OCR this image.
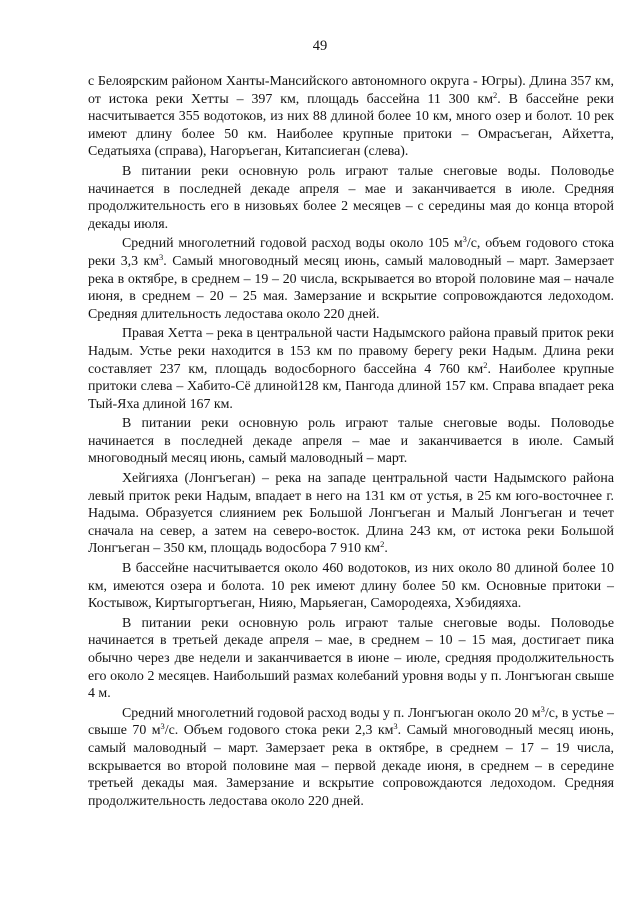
49

с Белоярским районом Ханты-Мансийского автономного округа - Югры). Длина 357 км, от истока реки Хетты – 397 км, площадь бассейна 11 300 $км^2$. В бассейне реки насчитывается 355 водотоков, из них 88 длиной более 10 км, много озер и болот. 10 рек имеют длину более 50 км. Наиболее крупные притоки – Омрасъеган, Айхетта, Седатыяха (справа), Нагоръеган, Китапсиеган (слева).

В питании реки основную роль играют талые снеговые воды. Половодье начинается в последней декаде апреля – мае и заканчивается в июле. Средняя продолжительность его в низовьях более 2 месяцев – с середины мая до конца второй декады июля.

Средний многолетний годовой расход воды около 105 $м^3/с$, объем годового стока реки 3,3 $км^3$. Самый многоводный месяц июнь, самый маловодный – март. Замерзает река в октябре, в среднем – 19 – 20 числа, вскрывается во второй половине мая – начале июня, в среднем – 20 – 25 мая. Замерзание и вскрытие сопровождаются ледоходом. Средняя длительность ледостава около 220 дней.

Правая Хетта – река в центральной части Надымского района правый приток реки Надым. Устье реки находится в 153 км по правому берегу реки Надым. Длина реки составляет 237 км, площадь водосборного бассейна 4 760 $км^2$. Наиболее крупные притоки слева – Хабито-Сё длиной128 км, Пангода длиной 157 км. Справа впадает река Тый-Яха длиной 167 км.

В питании реки основную роль играют талые снеговые воды. Половодье начинается в последней декаде апреля – мае и заканчивается в июле. Самый многоводный месяц июнь, самый маловодный – март.

Хейгияха (Лонгъеган) – река на западе центральной части Надымского района левый приток реки Надым, впадает в него на 131 км от устья, в 25 км юго-восточнее г. Надыма. Образуется слиянием рек Большой Лонгъеган и Малый Лонгъеган и течет сначала на север, а затем на северо-восток. Длина 243 км, от истока реки Большой Лонгъеган – 350 км, площадь водосбора 7 910 $км^2$.

В бассейне насчитывается около 460 водотоков, из них около 80 длиной более 10 км, имеются озера и болота. 10 рек имеют длину более 50 км. Основные притоки – Костывож, Киртыгортъеган, Нияю, Марьяеган, Самородеяха, Хэбидяяха.

В питании реки основную роль играют талые снеговые воды. Половодье начинается в третьей декаде апреля – мае, в среднем – 10 – 15 мая, достигает пика обычно через две недели и заканчивается в июне – июле, средняя продолжительность его около 2 месяцев. Наибольший размах колебаний уровня воды у п. Лонгъюган свыше 4 м.

Средний многолетний годовой расход воды у п. Лонгъюган около 20 $м^3/с$, в устье – свыше 70 $м^3/с$. Объем годового стока реки 2,3 $км^3$. Самый многоводный месяц июнь, самый маловодный – март. Замерзает река в октябре, в среднем – 17 – 19 числа, вскрывается во второй половине мая – первой декаде июня, в среднем – в середине третьей декады мая. Замерзание и вскрытие сопровождаются ледоходом. Средняя продолжительность ледостава около 220 дней.
